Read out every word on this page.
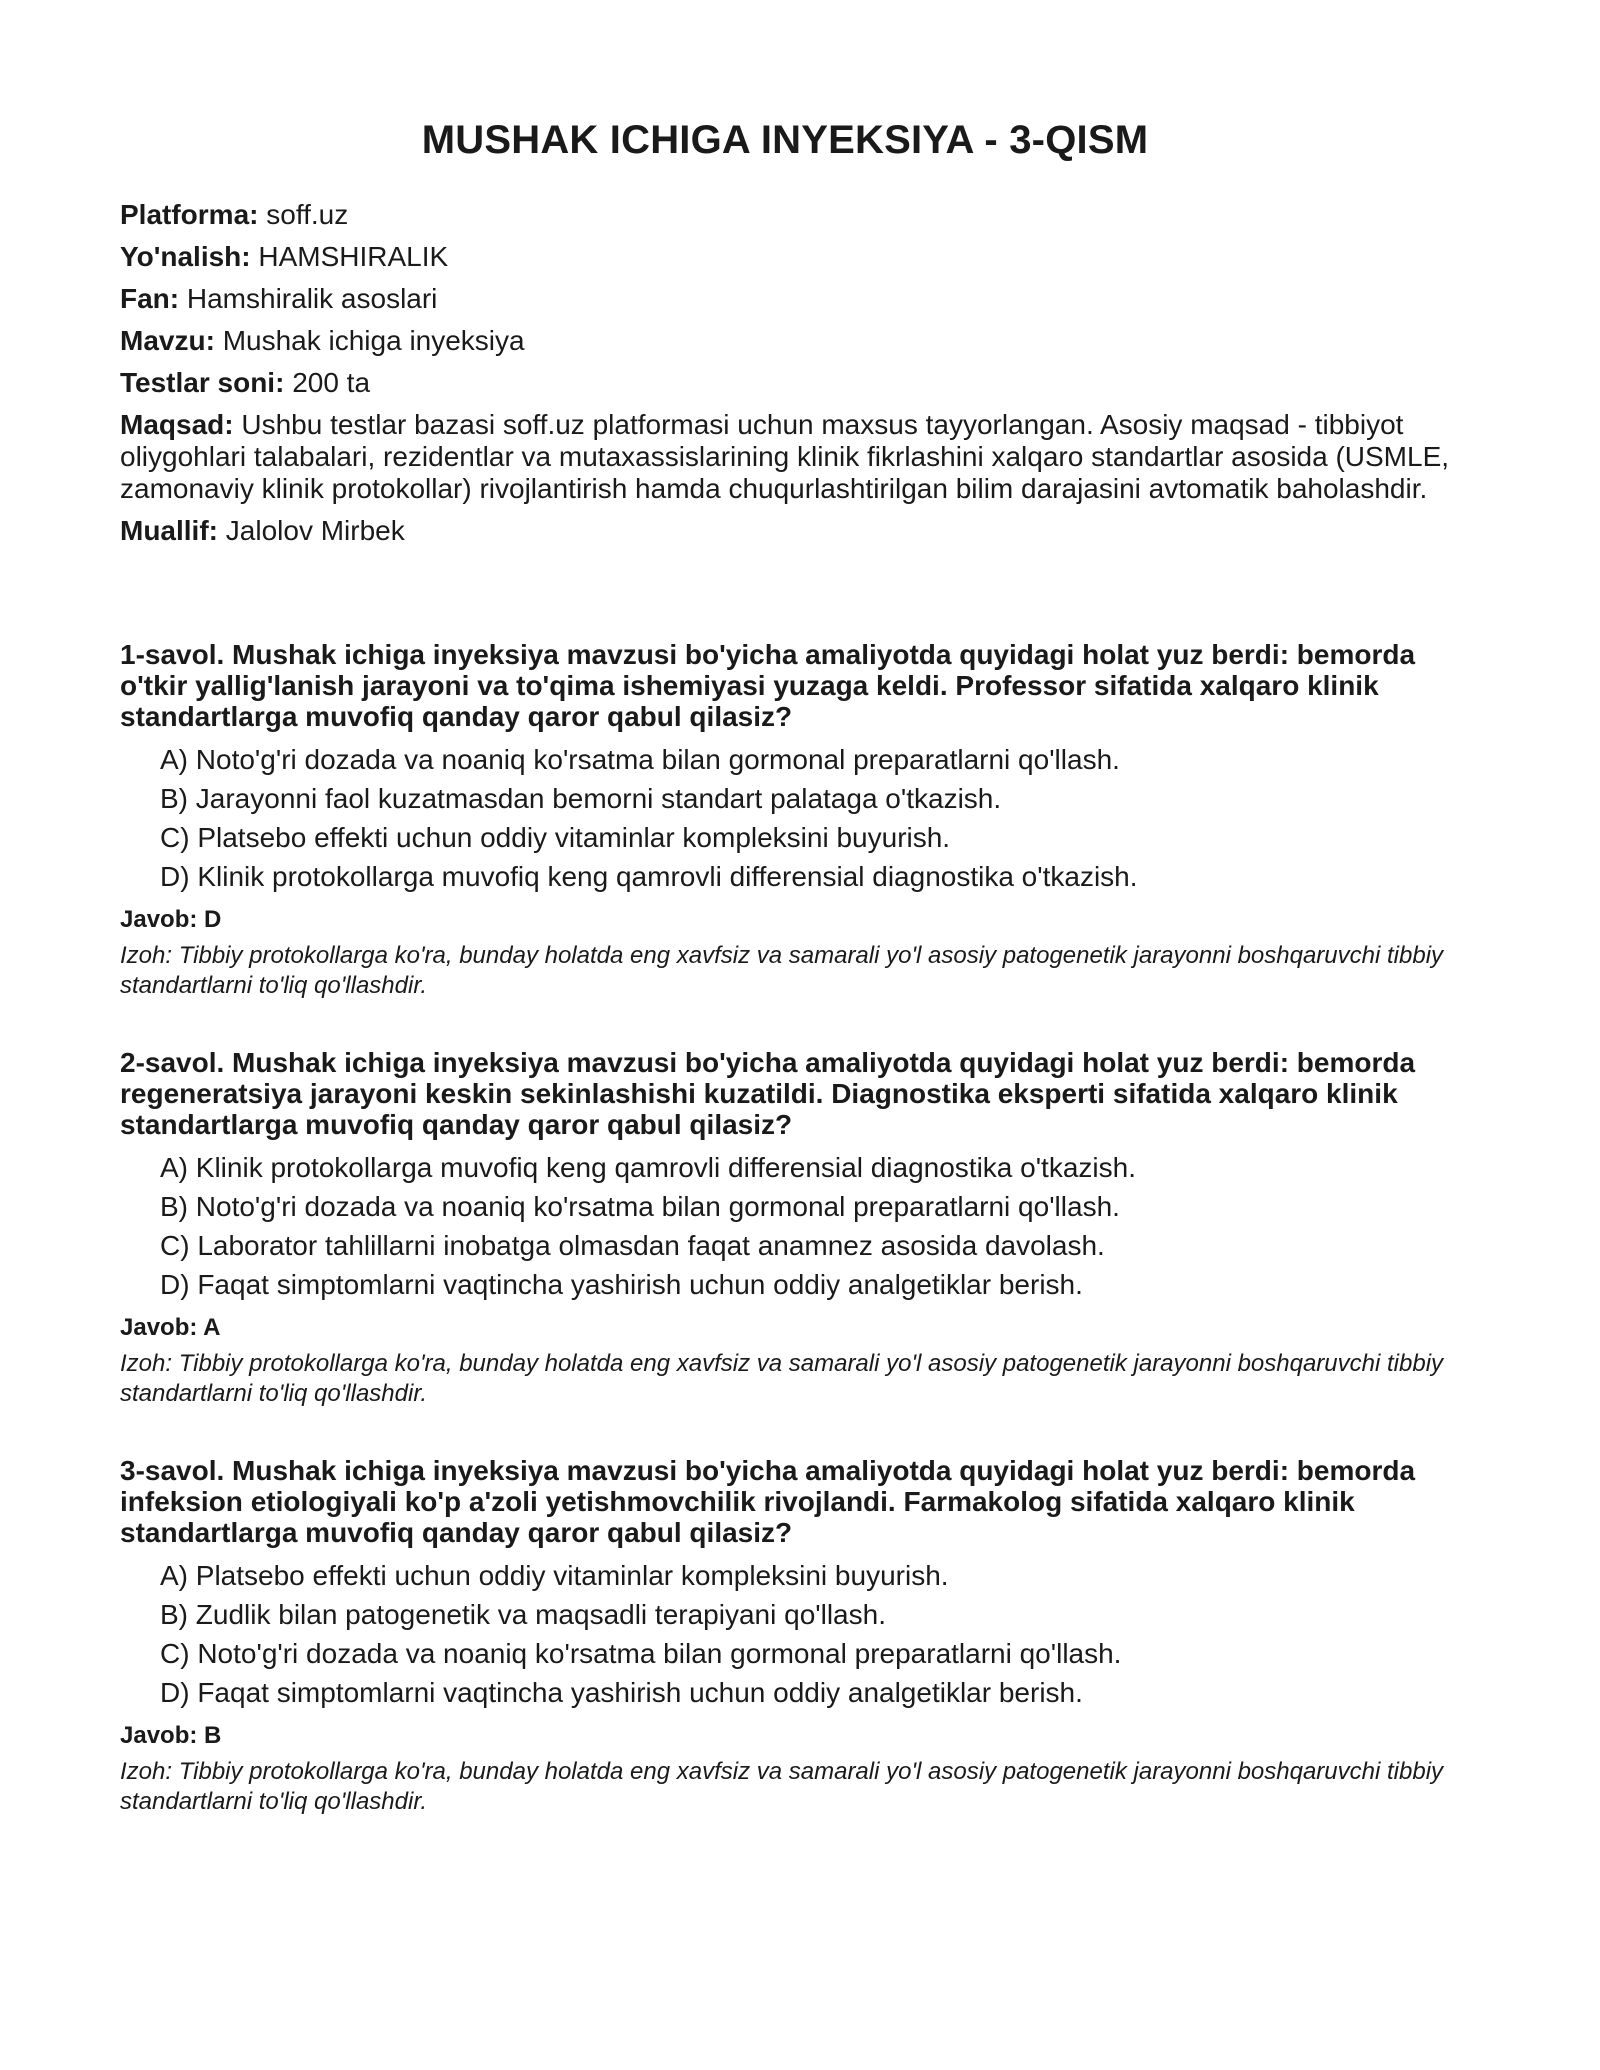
MUSHAK ICHIGA INYEKSIYA - 3-QISM

Platforma: soff.uz

Yo'nalish: HAMSHIRALIK

Fan: Hamshiralik asoslari

Mavzu: Mushak ichiga inyeksiya

Testlar soni: 200 ta

Maqsad: Ushbu testlar bazasi soff.uz platformasi uchun maxsus tayyorlangan. Asosiy maqsad - tibbiyot oliygohlari talabalari, rezidentlar va mutaxassislarining klinik fikrlashini xalqaro standartlar asosida (USMLE, zamonaviy klinik protokollar) rivojlantirish hamda chuqurlashtirilgan bilim darajasini avtomatik baholashdir.

Muallif: Jalolov Mirbek

1-savol. Mushak ichiga inyeksiya mavzusi bo'yicha amaliyotda quyidagi holat yuz berdi: bemorda o'tkir yallig'lanish jarayoni va to'qima ishemiyasi yuzaga keldi. Professor sifatida xalqaro klinik standartlarga muvofiq qanday qaror qabul qilasiz?

A) Noto'g'ri dozada va noaniq ko'rsatma bilan gormonal preparatlarni qo'llash.

B) Jarayonni faol kuzatmasdan bemorni standart palataga o'tkazish.

C) Platsebo effekti uchun oddiy vitaminlar kompleksini buyurish.

D) Klinik protokollarga muvofiq keng qamrovli differensial diagnostika o'tkazish.

Javob: D

Izoh: Tibbiy protokollarga ko'ra, bunday holatda eng xavfsiz va samarali yo'l asosiy patogenetik jarayonni boshqaruvchi tibbiy standartlarni to'liq qo'llashdir.

2-savol. Mushak ichiga inyeksiya mavzusi bo'yicha amaliyotda quyidagi holat yuz berdi: bemorda regeneratsiya jarayoni keskin sekinlashishi kuzatildi. Diagnostika eksperti sifatida xalqaro klinik standartlarga muvofiq qanday qaror qabul qilasiz?

A) Klinik protokollarga muvofiq keng qamrovli differensial diagnostika o'tkazish.

B) Noto'g'ri dozada va noaniq ko'rsatma bilan gormonal preparatlarni qo'llash.

C) Laborator tahlillarni inobatga olmasdan faqat anamnez asosida davolash.

D) Faqat simptomlarni vaqtincha yashirish uchun oddiy analgetiklar berish.

Javob: A

Izoh: Tibbiy protokollarga ko'ra, bunday holatda eng xavfsiz va samarali yo'l asosiy patogenetik jarayonni boshqaruvchi tibbiy standartlarni to'liq qo'llashdir.

3-savol. Mushak ichiga inyeksiya mavzusi bo'yicha amaliyotda quyidagi holat yuz berdi: bemorda infeksion etiologiyali ko'p a'zoli yetishmovchilik rivojlandi. Farmakolog sifatida xalqaro klinik standartlarga muvofiq qanday qaror qabul qilasiz?

A) Platsebo effekti uchun oddiy vitaminlar kompleksini buyurish.

B) Zudlik bilan patogenetik va maqsadli terapiyani qo'llash.

C) Noto'g'ri dozada va noaniq ko'rsatma bilan gormonal preparatlarni qo'llash.

D) Faqat simptomlarni vaqtincha yashirish uchun oddiy analgetiklar berish.

Javob: B

Izoh: Tibbiy protokollarga ko'ra, bunday holatda eng xavfsiz va samarali yo'l asosiy patogenetik jarayonni boshqaruvchi tibbiy standartlarni to'liq qo'llashdir.
